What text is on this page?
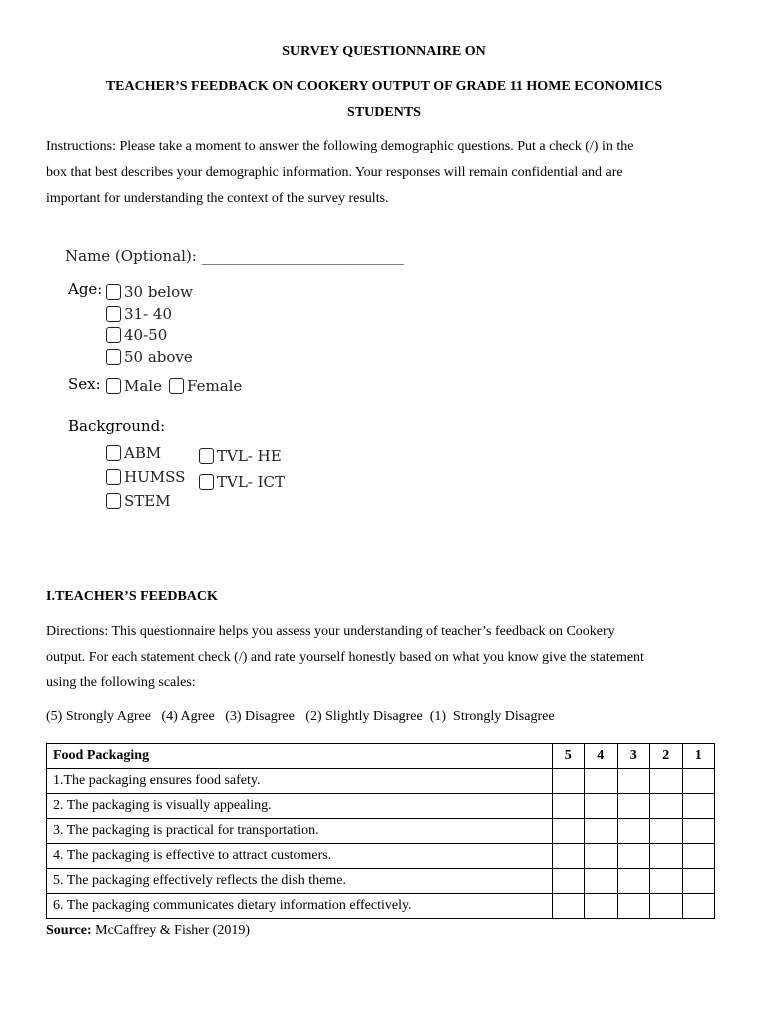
SURVEY QUESTIONNAIRE ON
TEACHER’S FEEDBACK ON COOKERY OUTPUT OF GRADE 11 HOME ECONOMICS
STUDENTS
Instructions: Please take a moment to answer the following demographic questions. Put a check (/) in the
box that best describes your demographic information. Your responses will remain confidential and are
important for understanding the context of the survey results.
Name (Optional): ___________________________
Age:	30 below
31- 40
40-50
50 above
Sex:	Male	Female
Background:
ABM
HUMSS
STEM
TVL- HE
TVL- ICT
I.TEACHER’S FEEDBACK
Directions: This questionnaire helps you assess your understanding of teacher’s feedback on Cookery
output. For each statement check (/) and rate yourself honestly based on what you know give the statement
using the following scales:
(5) Strongly Agree   (4) Agree   (3) Disagree   (2) Slightly Disagree  (1)  Strongly Disagree
Food Packaging	5	4	3	2	1
1.The packaging ensures food safety.					
2. The packaging is visually appealing.					
3. The packaging is practical for transportation.					
4. The packaging is effective to attract customers.					
5. The packaging effectively reflects the dish theme.					
6. The packaging communicates dietary information effectively.					
Source: McCaffrey & Fisher (2019)
